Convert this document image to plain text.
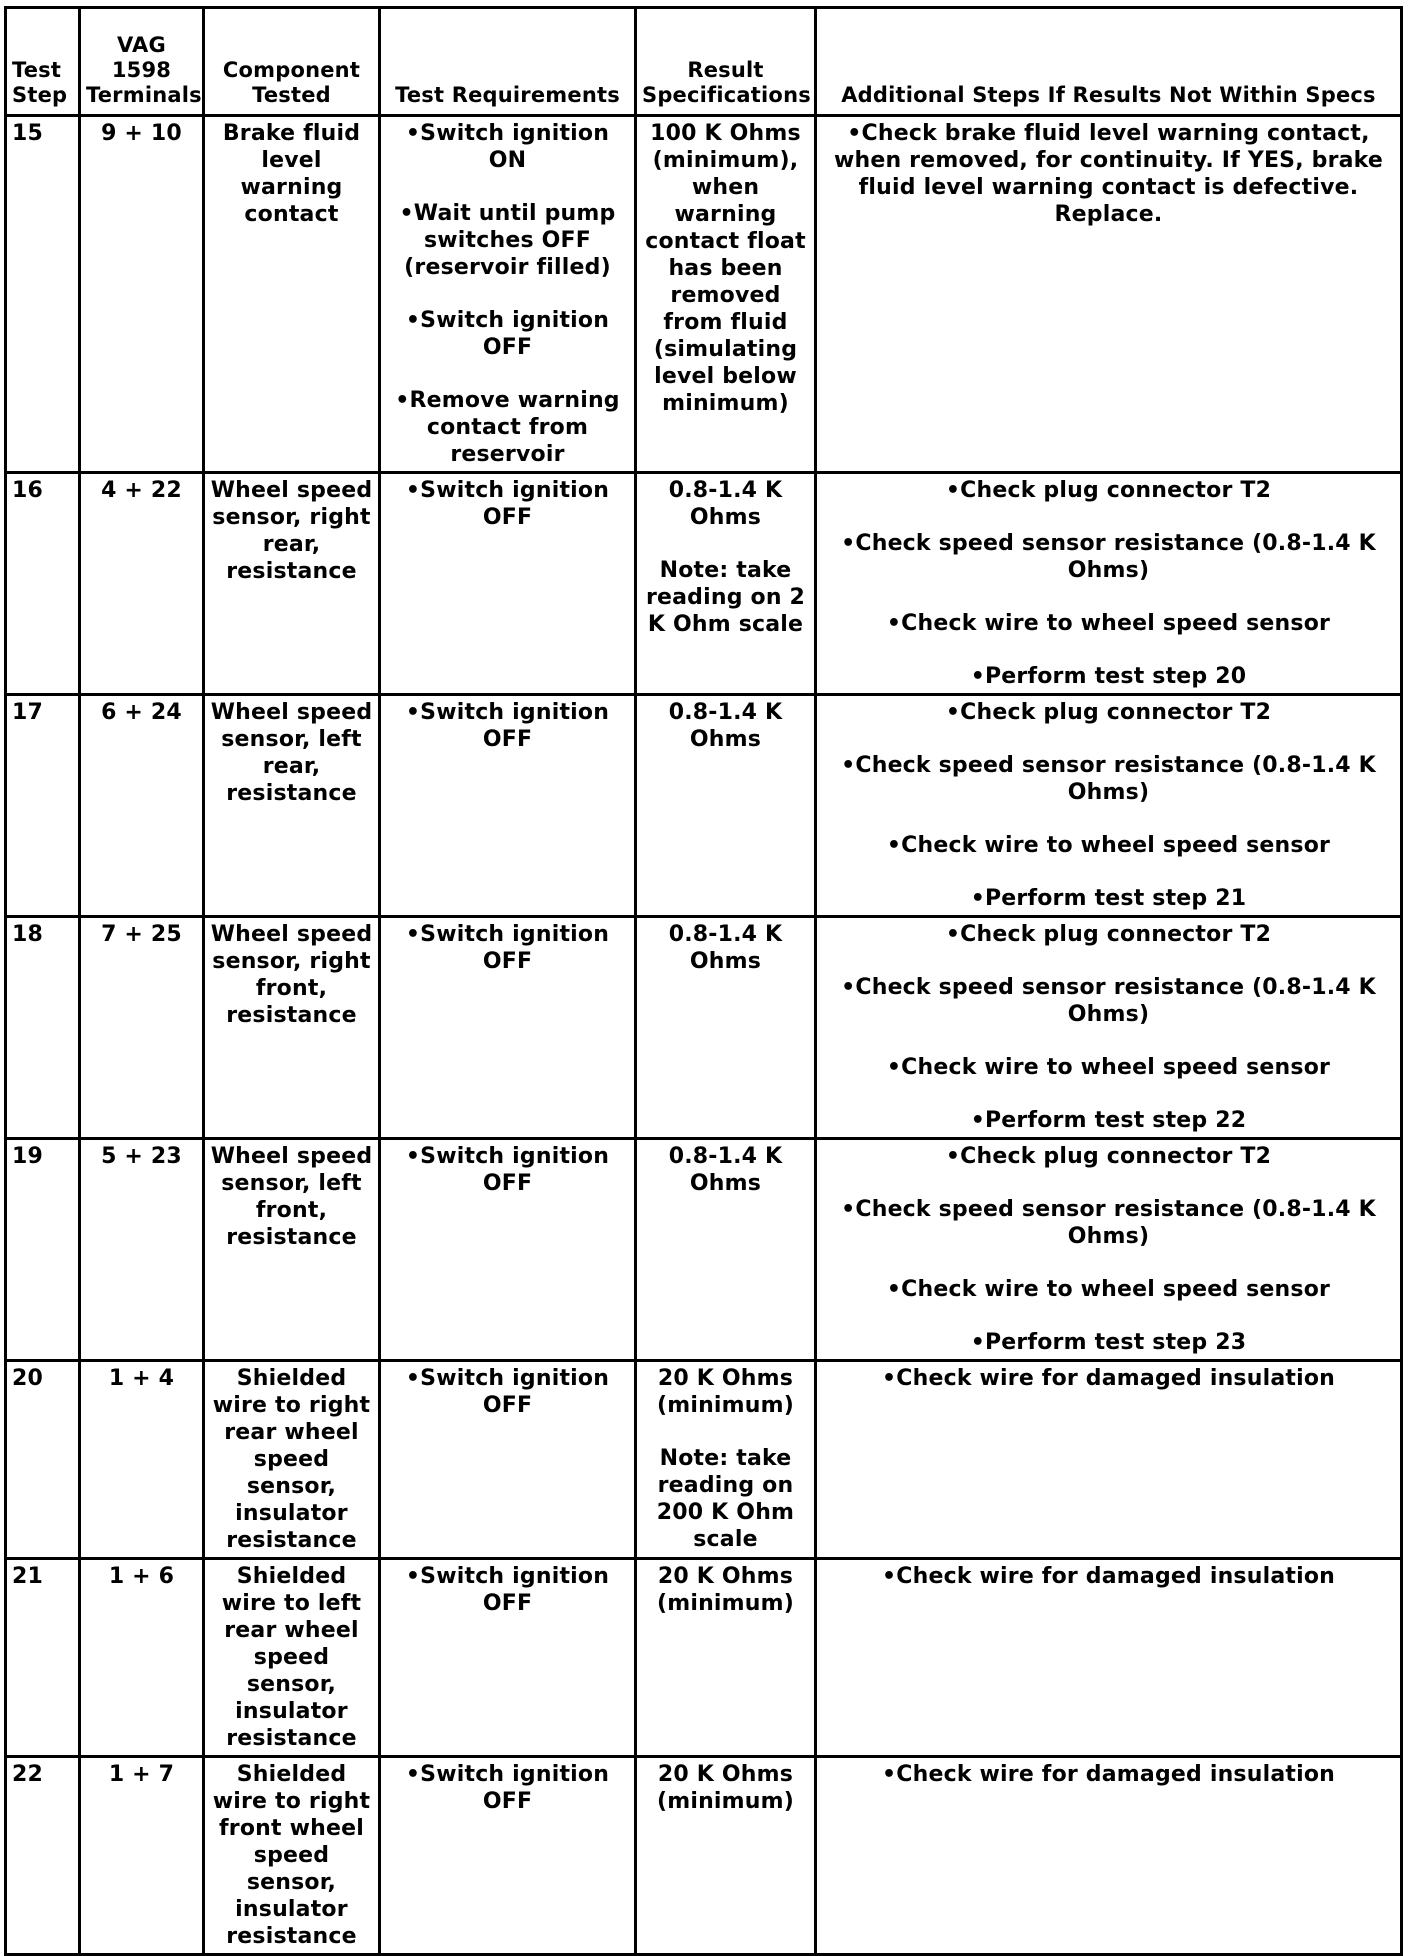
Test Step	VAG 1598 Terminals	Component Tested	Test Requirements	Result Specifications	Additional Steps If Results Not Within Specs
15	9 + 10	Brake fluid level warning contact	•Switch ignition ON
•Wait until pump switches OFF (reservoir filled)
•Switch ignition OFF
•Remove warning contact from reservoir	100 K Ohms (minimum), when warning contact float has been removed from fluid (simulating level below minimum)	•Check brake fluid level warning contact, when removed, for continuity. If YES, brake fluid level warning contact is defective. Replace.

16	4 + 22	Wheel speed sensor, right rear, resistance	•Switch ignition OFF	0.8-1.4 K Ohms
Note: take reading on 2 K Ohm scale	•Check plug connector T2
•Check speed sensor resistance (0.8-1.4 K Ohms)
•Check wire to wheel speed sensor
•Perform test step 20

17	6 + 24	Wheel speed sensor, left rear, resistance	•Switch ignition OFF	0.8-1.4 K Ohms	•Check plug connector T2
•Check speed sensor resistance (0.8-1.4 K Ohms)
•Check wire to wheel speed sensor
•Perform test step 21

18	7 + 25	Wheel speed sensor, right front, resistance	•Switch ignition OFF	0.8-1.4 K Ohms	•Check plug connector T2
•Check speed sensor resistance (0.8-1.4 K Ohms)
•Check wire to wheel speed sensor
•Perform test step 22

19	5 + 23	Wheel speed sensor, left front, resistance	•Switch ignition OFF	0.8-1.4 K Ohms	•Check plug connector T2
•Check speed sensor resistance (0.8-1.4 K Ohms)
•Check wire to wheel speed sensor
•Perform test step 23

20	1 + 4	Shielded wire to right rear wheel speed sensor, insulator resistance	•Switch ignition OFF	20 K Ohms (minimum)
Note: take reading on 200 K Ohm scale	•Check wire for damaged insulation

21	1 + 6	Shielded wire to left rear wheel speed sensor, insulator resistance	•Switch ignition OFF	20 K Ohms (minimum)	•Check wire for damaged insulation

22	1 + 7	Shielded wire to right front wheel speed sensor, insulator resistance	•Switch ignition OFF	20 K Ohms (minimum)	•Check wire for damaged insulation
